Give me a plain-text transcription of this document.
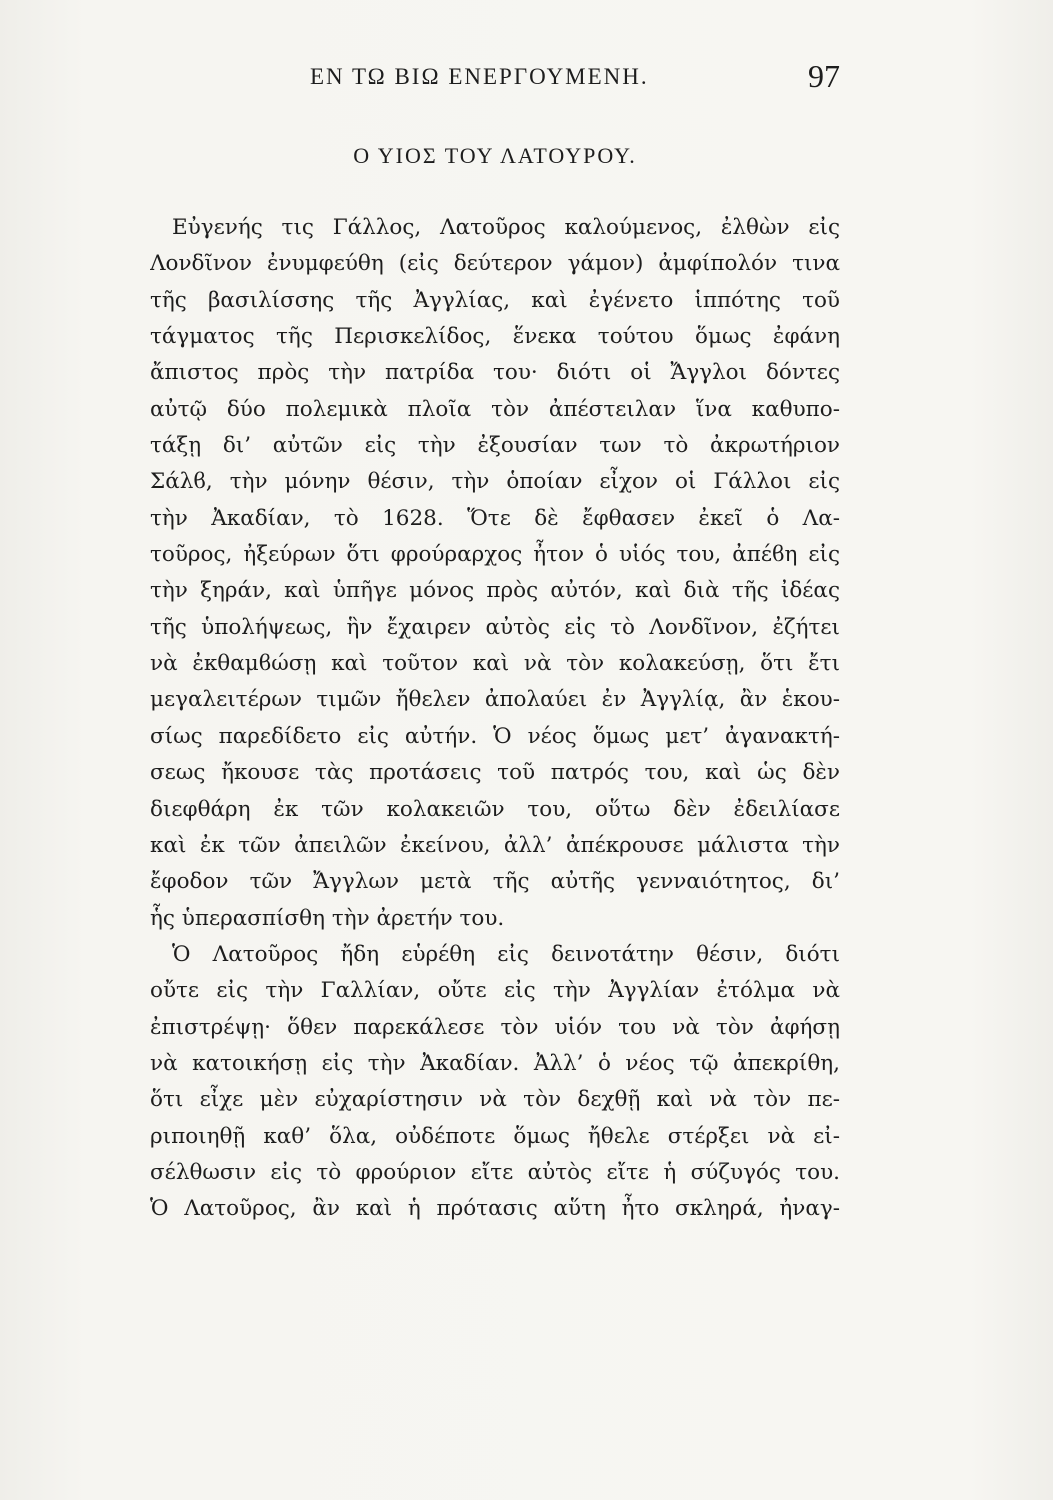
ΕΝ ΤΩ ΒΙΩ ΕΝΕΡΓΟΥΜΕΝΗ.	97
Ο ΥΙΟΣ ΤΟΥ ΛΑΤΟΥΡΟΥ.
Εὐγενής τις Γάλλος, Λατοῦρος καλούμενος, ἐλθὼν εἰς
Λονδῖνον ἐνυμφεύθη (εἰς δεύτερον γάμον) ἀμφίπολόν τινα
τῆς βασιλίσσης τῆς Ἀγγλίας, καὶ ἐγένετο ἱππότης τοῦ
τάγματος τῆς Περισκελίδος, ἕνεκα τούτου ὅμως ἐφάνη
ἄπιστος πρὸς τὴν πατρίδα του· διότι οἱ Ἄγγλοι δόντες
αὐτῷ δύο πολεμικὰ πλοῖα τὸν ἀπέστειλαν ἵνα καθυπο-
τάξῃ δι’ αὐτῶν εἰς τὴν ἐξουσίαν των τὸ ἀκρωτήριον
Σάλϐ, τὴν μόνην θέσιν, τὴν ὁποίαν εἶχον οἱ Γάλλοι εἰς
τὴν Ἀκαδίαν, τὸ 1628. Ὅτε δὲ ἔφθασεν ἐκεῖ ὁ Λα-
τοῦρος, ἠξεύρων ὅτι φρούραρχος ἦτον ὁ υἱός του, ἀπέϐη εἰς
τὴν ξηράν, καὶ ὑπῆγε μόνος πρὸς αὐτόν, καὶ διὰ τῆς ἰδέας
τῆς ὑπολήψεως, ἣν ἔχαιρεν αὐτὸς εἰς τὸ Λονδῖνον, ἐζήτει
νὰ ἐκθαμϐώσῃ καὶ τοῦτον καὶ νὰ τὸν κολακεύσῃ, ὅτι ἔτι
μεγαλειτέρων τιμῶν ἤθελεν ἀπολαύει ἐν Ἀγγλίᾳ, ἂν ἑκου-
σίως παρεδίδετο εἰς αὐτήν. Ὁ νέος ὅμως μετ’ ἀγανακτή-
σεως ἤκουσε τὰς προτάσεις τοῦ πατρός του, καὶ ὡς δὲν
διεφθάρη ἐκ τῶν κολακειῶν του, οὕτω δὲν ἐδειλίασε
καὶ ἐκ τῶν ἀπειλῶν ἐκείνου, ἀλλ’ ἀπέκρουσε μάλιστα τὴν
ἔφοδον τῶν Ἄγγλων μετὰ τῆς αὐτῆς γενναιότητος, δι’
ἧς ὑπερασπίσθη τὴν ἀρετήν του.
Ὁ Λατοῦρος ἤδη εὑρέθη εἰς δεινοτάτην θέσιν, διότι
οὔτε εἰς τὴν Γαλλίαν, οὔτε εἰς τὴν Ἀγγλίαν ἐτόλμα νὰ
ἐπιστρέψῃ· ὅθεν παρεκάλεσε τὸν υἱόν του νὰ τὸν ἀφήσῃ
νὰ κατοικήσῃ εἰς τὴν Ἀκαδίαν. Ἀλλ’ ὁ νέος τῷ ἀπεκρίθη,
ὅτι εἶχε μὲν εὐχαρίστησιν νὰ τὸν δεχθῇ καὶ νὰ τὸν πε-
ριποιηθῇ καθ’ ὅλα, οὐδέποτε ὅμως ἤθελε στέρξει νὰ εἰ-
σέλθωσιν εἰς τὸ φρούριον εἴτε αὐτὸς εἴτε ἡ σύζυγός του.
Ὁ Λατοῦρος, ἂν καὶ ἡ πρότασις αὕτη ἦτο σκληρά, ἠναγ-
